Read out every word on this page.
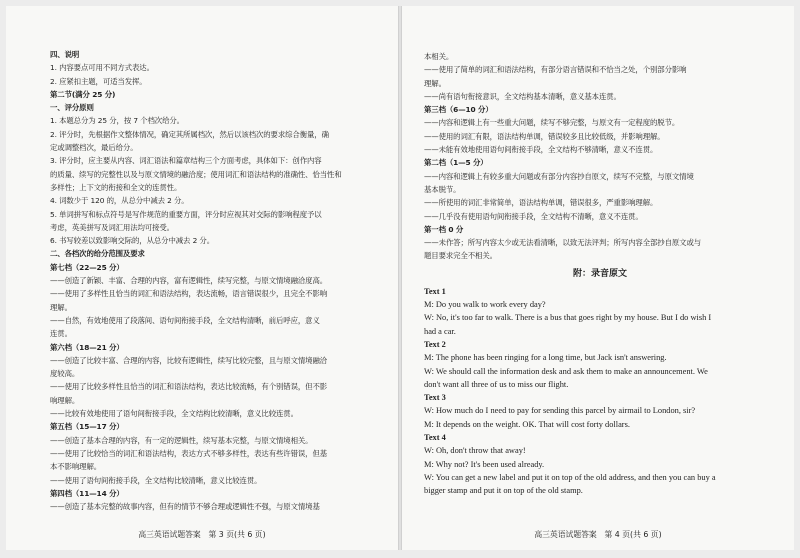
四、说明
1. 内容要点可用不同方式表达。
2. 应紧扣主题，可适当发挥。
第二节(满分 25 分)
一、评分原则
1. 本题总分为 25 分，按 7 个档次给分。
2. 评分时，先根据作文整体情况，确定其所属档次，然后以该档次的要求综合衡量，确
定或调整档次，最后给分。
3. 评分时，应主要从内容、词汇语法和篇章结构三个方面考虑，具体如下：创作内容
的质量、续写的完整性以及与原文情境的融洽度；使用词汇和语法结构的准确性、恰当性和
多样性；上下文的衔接和全文的连贯性。
4. 词数少于 120 的，从总分中减去 2 分。
5. 单词拼写和标点符号是写作规范的重要方面，评分时应视其对交际的影响程度予以
考虑，英美拼写及词汇用法均可接受。
6. 书写较差以致影响交际的，从总分中减去 2 分。
二、各档次的给分范围及要求
第七档（22—25 分）
——创造了新颖、丰富、合理的内容，富有逻辑性，续写完整，与原文情境融洽度高。
——使用了多样性且恰当的词汇和语法结构，表达流畅，语言错误很少，且完全不影响
理解。
——自然，有效地使用了段落间、语句间衔接手段，全文结构清晰，前后呼应，意义
连贯。
第六档（18—21 分）
——创造了比较丰富、合理的内容，比较有逻辑性，续写比较完整，且与原文情境融洽
度较高。
——使用了比较多样性且恰当的词汇和语法结构，表达比较流畅，有个别错误，但不影
响理解。
——比较有效地使用了语句间衔接手段，全文结构比较清晰，意义比较连贯。
第五档（15—17 分）
——创造了基本合理的内容，有一定的逻辑性，续写基本完整，与原文情境相关。
——使用了比较恰当的词汇和语法结构，表达方式不够多样性，表达有些许错误，但基
本不影响理解。
——使用了语句间衔接手段，全文结构比较清晰，意义比较连贯。
第四档（11—14 分）
——创造了基本完整的故事内容，但有的情节不够合理或逻辑性不强，与原文情境基
高三英语试题答案　第 3 页(共 6 页)
本相关。
——使用了简单的词汇和语法结构，有部分语言错误和不恰当之处，个别部分影响
理解。
——尚有语句衔接意识，全文结构基本清晰，意义基本连贯。
第三档（6—10 分）
——内容和逻辑上有一些重大问题，续写不够完整，与原文有一定程度的脱节。
——使用的词汇有限，语法结构单调，错误较多且比较低级，并影响理解。
——未能有效地使用语句间衔接手段，全文结构不够清晰，意义不连贯。
第二档（1—5 分）
——内容和逻辑上有较多重大问题或有部分内容抄自原文，续写不完整，与原文情境
基本脱节。
——所使用的词汇非常简单，语法结构单调，错误很多，严重影响理解。
——几乎没有使用语句间衔接手段，全文结构不清晰，意义不连贯。
第一档 0 分
——未作答；所写内容太少或无法看清晰，以致无法评判；所写内容全部抄自原文或与
题目要求完全不相关。
附：录音原文
Text 1
M: Do you walk to work every day?
W: No, it's too far to walk. There is a bus that goes right by my house. But I do wish I
had a car.
Text 2
M: The phone has been ringing for a long time, but Jack isn't answering.
W: We should call the information desk and ask them to make an announcement. We
don't want all three of us to miss our flight.
Text 3
W: How much do I need to pay for sending this parcel by airmail to London, sir?
M: It depends on the weight. OK. That will cost forty dollars.
Text 4
W: Oh, don't throw that away!
M: Why not? It's been used already.
W: You can get a new label and put it on top of the old address, and then you can buy a
bigger stamp and put it on top of the old stamp.
高三英语试题答案　第 4 页(共 6 页)
